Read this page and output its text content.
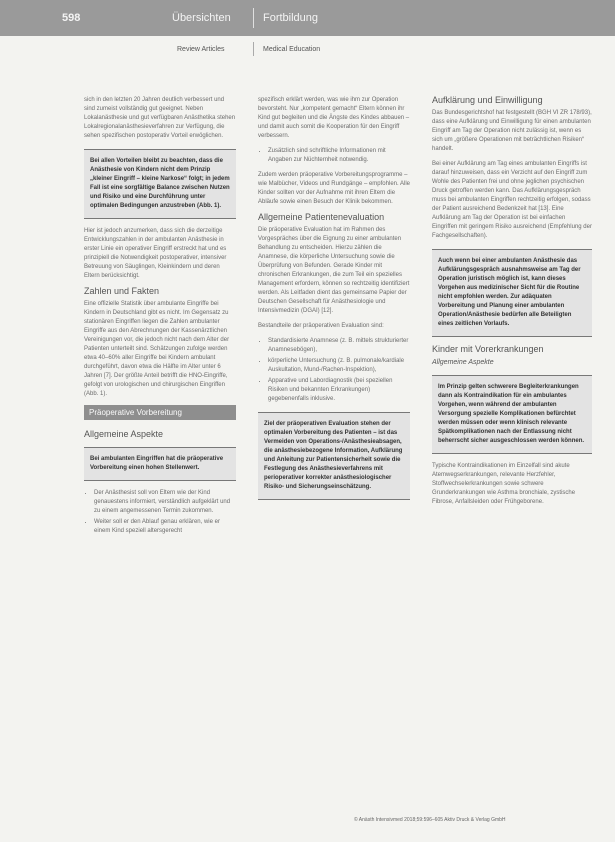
598	Übersichten	Fortbildung
Review Articles	Medical Education

sich in den letzten 20 Jahren deutlich verbessert und sind zumeist vollständig gut geeignet. Neben Lokalanästhesie und gut verfügbaren Anästhetika stehen Lokalregionalanästhesieverfahren zur Verfügung, die sehen spezifischen postoperativ Vorteil erwöglichen.

Bei allen Vorteilen bleibt zu beachten, dass die Anästhesie von Kindern nicht dem Prinzip „kleiner Eingriff – kleine Narkose“ folgt; in jedem Fall ist eine sorgfältige Balance zwischen Nutzen und Risiko und eine Durchführung unter optimalen Bedingungen anzustreben (Abb. 1).

Hier ist jedoch anzumerken, dass sich die derzeitige Entwicklungszahlen in der ambulanten Anästhesie in erster Linie ein operativer Eingriff erstreckt hat und es prinzipiell die Notwendigkeit postoperativer, intensiver Betreuung von Säuglingen, Kleinkindern und deren Eltern berücksichtigt.

Zahlen und Fakten

Eine offizielle Statistik über ambulante Eingriffe bei Kindern in Deutschland gibt es nicht. Im Gegensatz zu stationären Eingriffen liegen die Zahlen ambulanter Eingriffe aus den Abrechnungen der Kassenärztlichen Vereinigungen vor, die jedoch nicht nach dem Alter der Patienten unterteilt sind. Schätzungen zufolge werden etwa 40–60% aller Eingriffe bei Kindern ambulant durchgeführt, davon etwa die Hälfte im Alter unter 6 Jahren [7]. Der größte Anteil betrifft die HNO-Eingriffe, gefolgt von urologischen und chirurgischen Eingriffen (Abb. 1).

Präoperative Vorbereitung
Allgemeine Aspekte
Bei ambulanten Eingriffen hat die präoperative Vorbereitung einen hohen Stellenwert.
• Der Anästhesist soll von Eltern wie der Kind genauestens informiert, verständlich aufgeklärt und zu einem angemessenen Termin zukommen.
• Weiter soll er den Ablauf genau erklären, wie er einem Kind speziell altersgerecht

spezifisch erklärt werden, was wie ihm zur Operation bevorsteht. Nur „kompetent gemacht“ Eltern können ihr Kind gut begleiten und die Ängste des Kindes abbauen – und damit auch somit die Kooperation für den Eingriff verbessern.

• Zusätzlich sind schriftliche Informationen mit Angaben zur Nüchternheit notwendig.

Zudem werden präoperative Vorbereitungsprogramme – wie Malbücher, Videos und Rundgänge – empfohlen. Alle Kinder sollten vor der Aufnahme mit ihren Eltern die Abläufe sowie einen Besuch der Klinik bekommen.

Allgemeine Patientenevaluation

Die präoperative Evaluation hat im Rahmen des Vorgespräches über die Eignung zu einer ambulanten Behandlung zu entscheiden. Hierzu zählen die Anamnese, die körperliche Untersuchung sowie die Überprüfung von Befunden. Gerade Kinder mit chronischen Erkrankungen, die zum Teil ein spezielles Management erfordern, können so rechtzeitig identifiziert werden. Als Leitfaden dient das gemeinsame Papier der Deutschen Gesellschaft für Anästhesiologie und Intensivmedizin (DGAI) [12].

Bestandteile der präoperativen Evaluation sind:

• Standardisierte Anamnese (z. B. mittels strukturierter Anamnesebögen),
• körperliche Untersuchung (z. B. pulmonale/kardiale Auskultation, Mund-/Rachen-Inspektion),
• Apparative und Labordiagnostik (bei speziellen Risiken und bekannten Erkrankungen) gegebenenfalls inklusive.
Ziel der präoperativen Evaluation stehen der optimalen Vorbereitung des Patienten – ist das Vermeiden von Operations-/Anästhesieabsagen, die anästhesiebezogene Information, Aufklärung und Anleitung zur Patientensicherheit sowie die Festlegung des Anästhesieverfahrens mit perioperativer korrekter anästhesiologischer Risiko- und Sicherungseinschätzung.
Aufklärung und Einwilligung

Das Bundesgerichtshof hat festgestellt (BGH VI ZR 178/93), dass eine Aufklärung und Einwilligung für einen ambulanten Eingriff am Tag der Operation nicht zulässig ist, wenn es sich um „größere Operationen mit beträchtlichen Risiken“ handelt.

Bei einer Aufklärung am Tag eines ambulanten Eingriffs ist darauf hinzuweisen, dass ein Verzicht auf den Eingriff zum Wohle des Patienten frei und ohne jeglichen psychischen Druck getroffen werden kann. Das Aufklärungsgespräch muss bei ambulanten Eingriffen rechtzeitig erfolgen, sodass der Patient ausreichend Bedenkzeit hat [13]. Eine Aufklärung am Tag der Operation ist bei einfachen Eingriffen mit geringem Risiko ausreichend (Empfehlung der Fachgesellschaften).

Auch wenn bei einer ambulanten Anästhesie das Aufklärungsgespräch ausnahmsweise am Tag der Operation juristisch möglich ist, kann dieses Vorgehen aus medizinischer Sicht für die Routine nicht empfohlen werden. Zur adäquaten Vorbereitung und Planung einer ambulanten Operation/Anästhesie bedürfen alle Beteiligten eines zeitlichen Vorlaufs.
Kinder mit Vorerkrankungen
Allgemeine Aspekte
Im Prinzip gelten schwerere Begleiterkrankungen dann als Kontraindikation für ein ambulantes Vorgehen, wenn während der ambulanten Versorgung spezielle Komplikationen befürchtet werden müssen oder wenn klinisch relevante Spätkomplikationen nach der Entlassung nicht beherrscht sicher ausgeschlossen werden können.

Typische Kontraindikationen im Einzelfall sind akute Atemwegserkrankungen, relevante Herzfehler, Stoffwechselerkrankungen sowie schwere Grunderkrankungen wie Asthma bronchiale, zystische Fibrose, Anfallsleiden oder Frühgeborene.

© Anästh Intensivmed 2018;59:596–605 Aktiv Druck & Verlag GmbH
